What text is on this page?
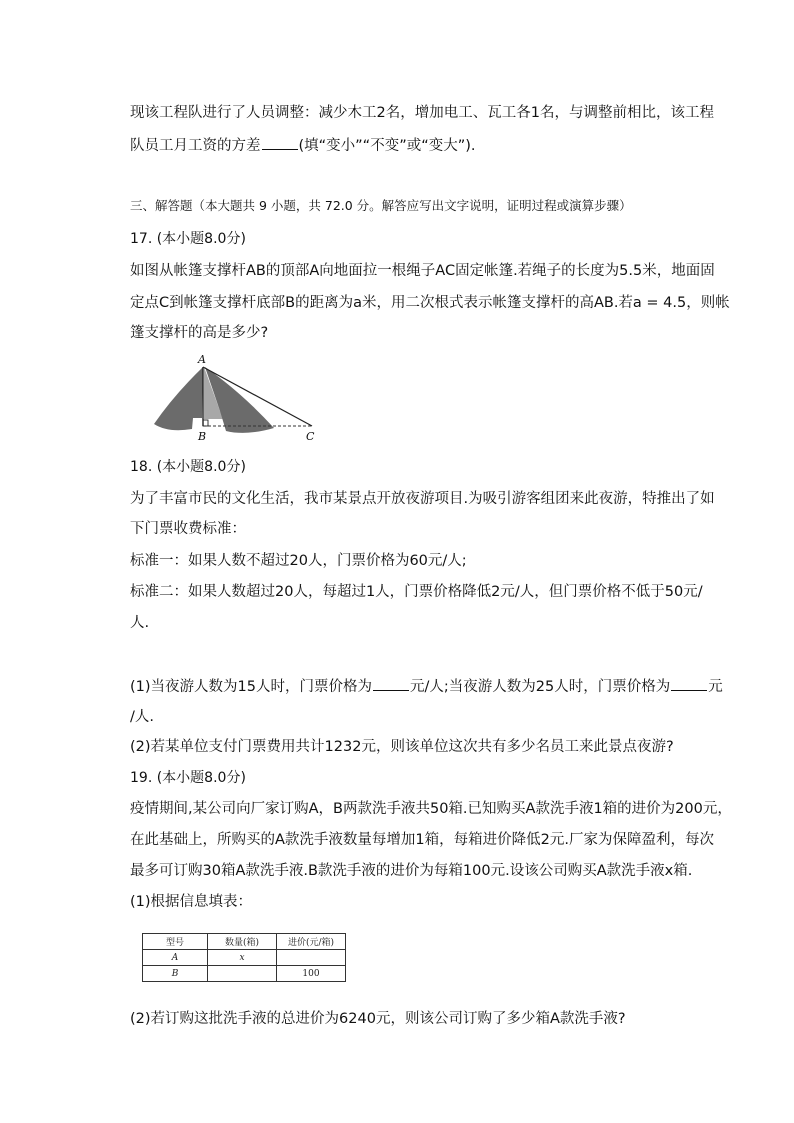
现该工程队进行了人员调整：减少木工2名，增加电工、瓦工各1名，与调整前相比，该工程
队员工月工资的方差	(填“变小”“不变”或“变大”).
三、解答题（本大题共 9 小题，共 72.0 分。解答应写出文字说明，证明过程或演算步骤）
17. (本小题8.0分)
如图从帐篷支撑杆AB的顶部A向地面拉一根绳子AC固定帐篷.若绳子的长度为5.5米，地面固
定点C到帐篷支撑杆底部B的距离为a米，用二次根式表示帐篷支撑杆的高AB.若a = 4.5，则帐
篷支撑杆的高是多少?
A
B	C
18. (本小题8.0分)
为了丰富市民的文化生活，我市某景点开放夜游项目.为吸引游客组团来此夜游，特推出了如
下门票收费标准：
标准一：如果人数不超过20人，门票价格为60元/人;
标准二：如果人数超过20人，每超过1人，门票价格降低2元/人，但门票价格不低于50元/
人.
(1)当夜游人数为15人时，门票价格为	元/人;当夜游人数为25人时，门票价格为	元
/人.
(2)若某单位支付门票费用共计1232元，则该单位这次共有多少名员工来此景点夜游?
19. (本小题8.0分)
疫情期间,某公司向厂家订购A，B两款洗手液共50箱.已知购买A款洗手液1箱的进价为200元，
在此基础上，所购买的A款洗手液数量每增加1箱，每箱进价降低2元.厂家为保障盈利，每次
最多可订购30箱A款洗手液.B款洗手液的进价为每箱100元.设该公司购买A款洗手液x箱.
(1)根据信息填表：
型号	数量(箱)	进价(元/箱)
A	x	
B		100
(2)若订购这批洗手液的总进价为6240元，则该公司订购了多少箱A款洗手液?
